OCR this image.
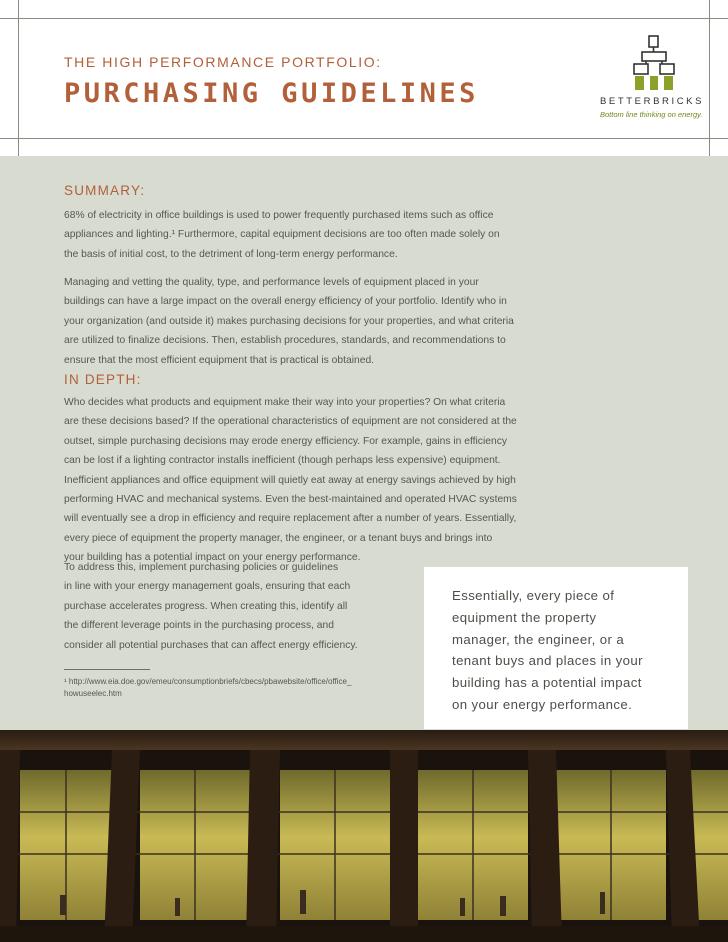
THE HIGH PERFORMANCE PORTFOLIO:
PURCHASING GUIDELINES	BETTERBRICKS
Bottom line thinking on energy.
SUMMARY:

68% of electricity in office buildings is used to power frequently purchased items such as office
appliances and lighting.¹ Furthermore, capital equipment decisions are too often made solely on
the basis of initial cost, to the detriment of long-term energy performance.

Managing and vetting the quality, type, and performance levels of equipment placed in your
buildings can have a large impact on the overall energy efficiency of your portfolio. Identify who in
your organization (and outside it) makes purchasing decisions for your properties, and what criteria
are utilized to finalize decisions. Then, establish procedures, standards, and recommendations to
ensure that the most efficient equipment that is practical is obtained.

IN DEPTH:

Who decides what products and equipment make their way into your properties? On what criteria
are these decisions based? If the operational characteristics of equipment are not considered at the
outset, simple purchasing decisions may erode energy efficiency. For example, gains in efficiency
can be lost if a lighting contractor installs inefficient (though perhaps less expensive) equipment.
Inefficient appliances and office equipment will quietly eat away at energy savings achieved by high
performing HVAC and mechanical systems. Even the best-maintained and operated HVAC systems
will eventually see a drop in efficiency and require replacement after a number of years. Essentially,
every piece of equipment the property manager, the engineer, or a tenant buys and brings into
your building has a potential impact on your energy performance.

To address this, implement purchasing policies or guidelines
in line with your energy management goals, ensuring that each
purchase accelerates progress. When creating this, identify all
the different leverage points in the purchasing process, and
consider all potential purchases that can affect energy efficiency.

Essentially, every piece of
equipment the property
manager, the engineer, or a
tenant buys and places in your
building has a potential impact
on your energy performance.

¹ http://www.eia.doe.gov/emeu/consumptionbriefs/cbecs/pbawebsite/office/office_
howuseelec.htm
